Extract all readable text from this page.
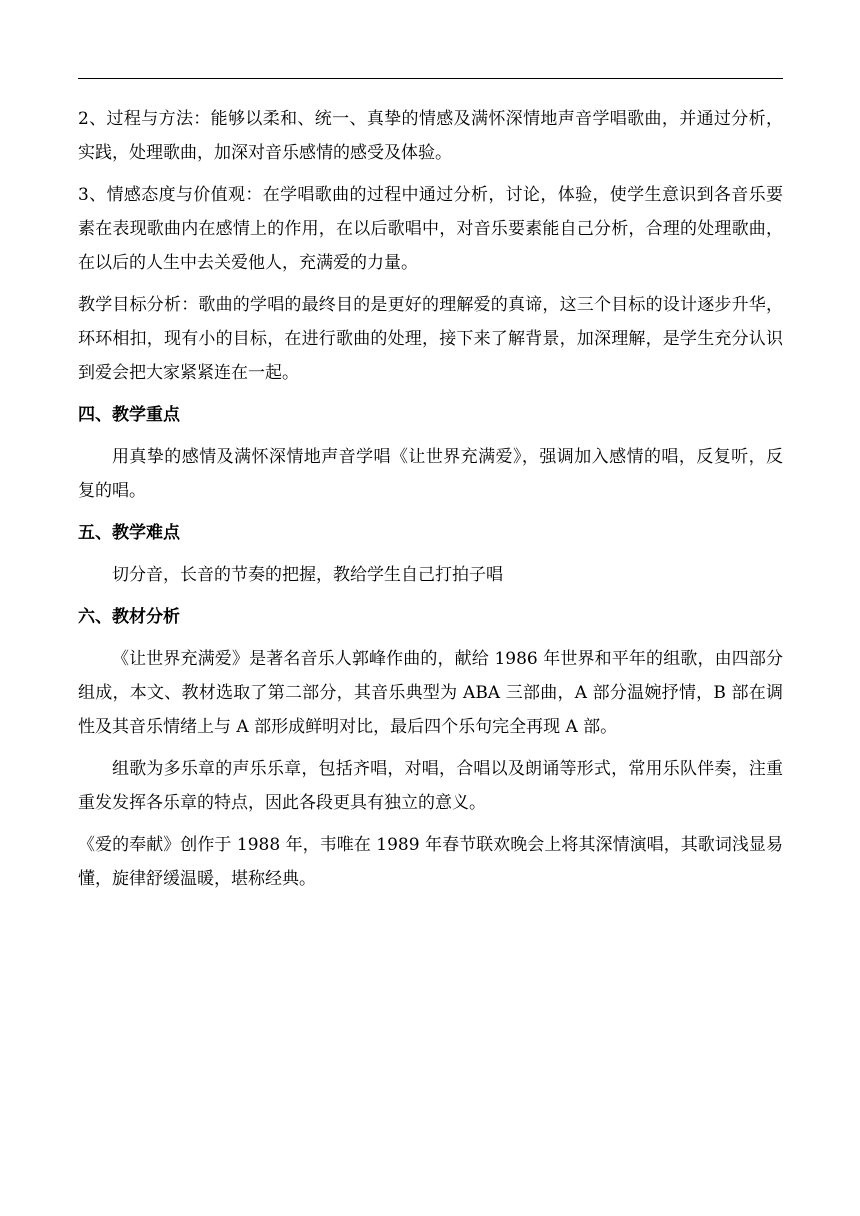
2、过程与方法：能够以柔和、统一、真挚的情感及满怀深情地声音学唱歌曲，并通过分析，实践，处理歌曲，加深对音乐感情的感受及体验。

3、情感态度与价值观：在学唱歌曲的过程中通过分析，讨论，体验，使学生意识到各音乐要素在表现歌曲内在感情上的作用，在以后歌唱中，对音乐要素能自己分析，合理的处理歌曲，在以后的人生中去关爱他人，充满爱的力量。

教学目标分析：歌曲的学唱的最终目的是更好的理解爱的真谛，这三个目标的设计逐步升华，环环相扣，现有小的目标，在进行歌曲的处理，接下来了解背景，加深理解，是学生充分认识到爱会把大家紧紧连在一起。

四、教学重点

用真挚的感情及满怀深情地声音学唱《让世界充满爱》，强调加入感情的唱，反复听，反复的唱。

五、教学难点

切分音，长音的节奏的把握，教给学生自己打拍子唱

六、教材分析

《让世界充满爱》是著名音乐人郭峰作曲的，献给 1986 年世界和平年的组歌，由四部分组成，本文、教材选取了第二部分，其音乐典型为 ABA 三部曲，A 部分温婉抒情，B 部在调性及其音乐情绪上与 A 部形成鲜明对比，最后四个乐句完全再现 A 部。

组歌为多乐章的声乐乐章，包括齐唱，对唱，合唱以及朗诵等形式，常用乐队伴奏，注重重发发挥各乐章的特点，因此各段更具有独立的意义。

《爱的奉献》创作于 1988 年，韦唯在 1989 年春节联欢晚会上将其深情演唱，其歌词浅显易懂，旋律舒缓温暖，堪称经典。
